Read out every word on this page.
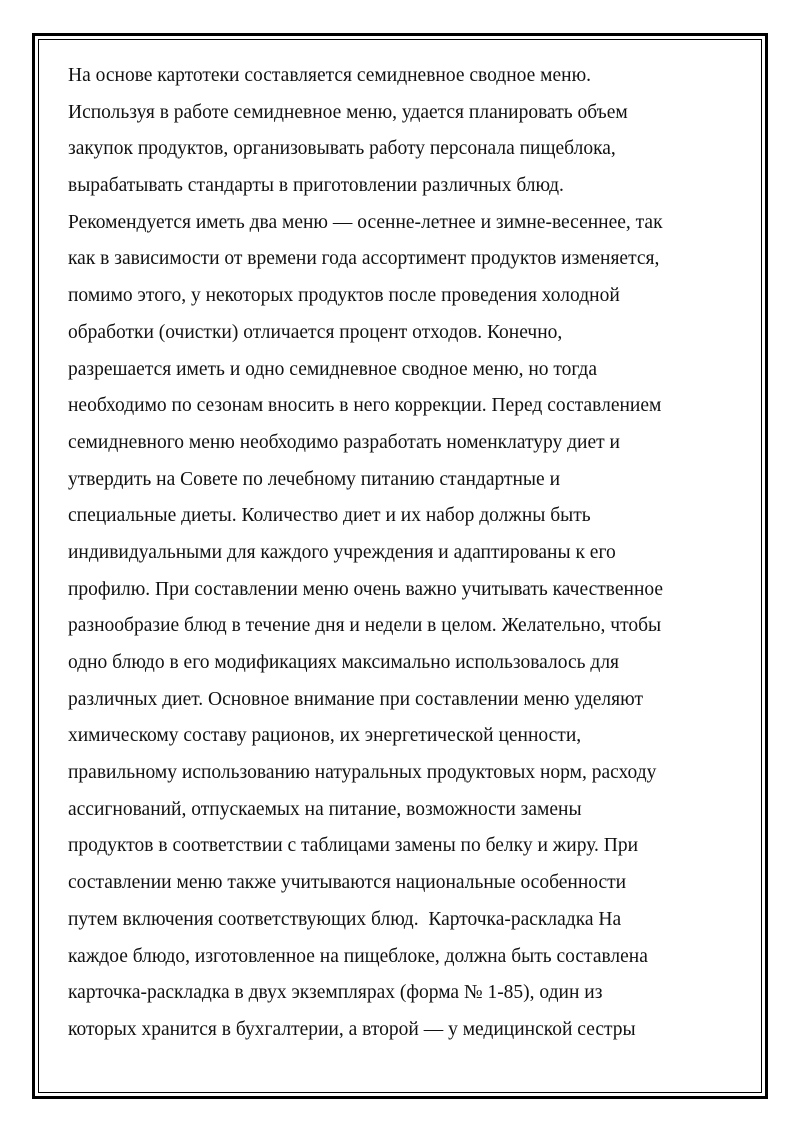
На основе картотеки составляется семидневное сводное меню.
Используя в работе семидневное меню, удается планировать объем
закупок продуктов, организовывать работу персонала пищеблока,
вырабатывать стандарты в приготовлении различных блюд.
Рекомендуется иметь два меню — осенне-летнее и зимне-весеннее, так
как в зависимости от времени года ассортимент продуктов изменяется,
помимо этого, у некоторых продуктов после проведения холодной
обработки (очистки) отличается процент отходов. Конечно,
разрешается иметь и одно семидневное сводное меню, но тогда
необходимо по сезонам вносить в него коррекции. Перед составлением
семидневного меню необходимо разработать номенклатуру диет и
утвердить на Совете по лечебному питанию стандартные и
специальные диеты. Количество диет и их набор должны быть
индивидуальными для каждого учреждения и адаптированы к его
профилю. При составлении меню очень важно учитывать качественное
разнообразие блюд в течение дня и недели в целом. Желательно, чтобы
одно блюдо в его модификациях максимально использовалось для
различных диет. Основное внимание при составлении меню уделяют
химическому составу рационов, их энергетической ценности,
правильному использованию натуральных продуктовых норм, расходу
ассигнований, отпускаемых на питание, возможности замены
продуктов в соответствии с таблицами замены по белку и жиру. При
составлении меню также учитываются национальные особенности
путем включения соответствующих блюд.  Карточка-раскладка На
каждое блюдо, изготовленное на пищеблоке, должна быть составлена
карточка-раскладка в двух экземплярах (форма № 1-85), один из
которых хранится в бухгалтерии, а второй — у медицинской сестры
